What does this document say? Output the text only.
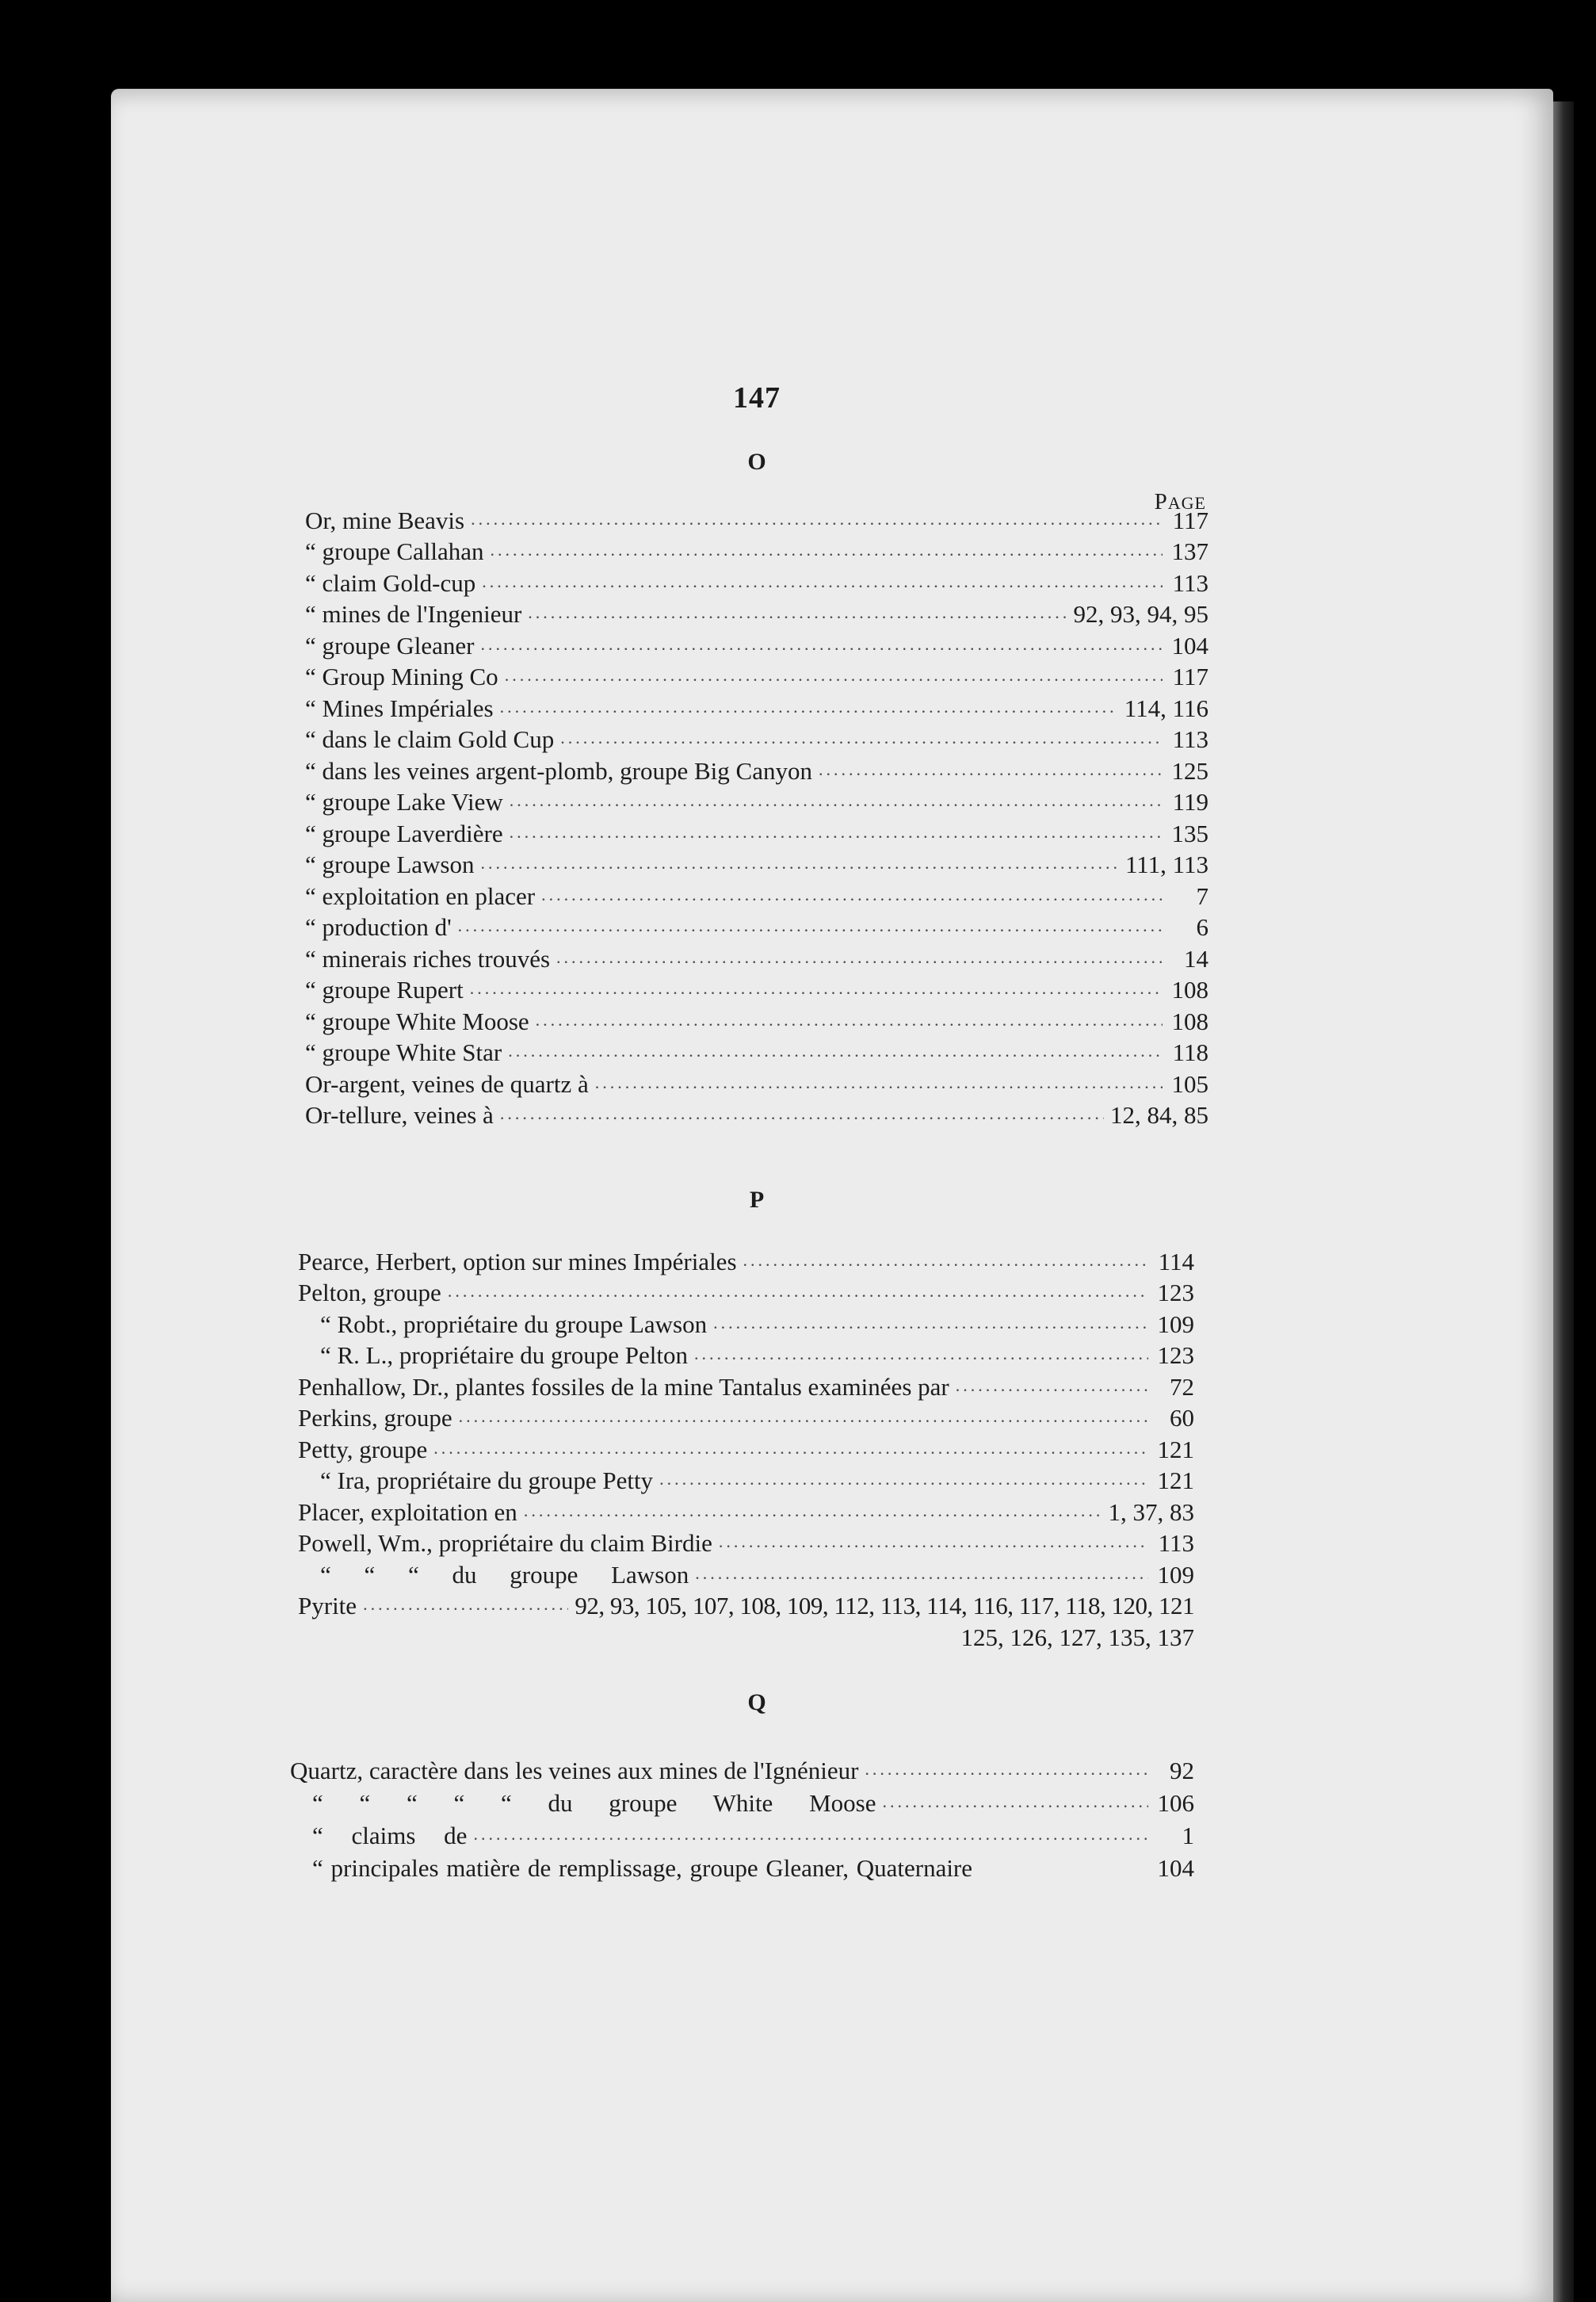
147
PAGE
O
Or, mine Beavis .....	117
“ groupe Callahan .....	137
“ claim Gold-cup .....	113
“ mines de l'Ingenieur .....	92, 93, 94, 95
“ groupe Gleaner .....	104
“ Group Mining Co .....	117
“ Mines Impériales .....	114, 116
“ dans le claim Gold Cup .....	113
“ dans les veines argent-plomb, groupe Big Canyon .....	125
“ groupe Lake View .....	119
“ groupe Laverdière .....	135
“ groupe Lawson .....	111, 113
“ exploitation en placer .....	7
“ production d' .....	6
“ minerais riches trouvés .....	14
“ groupe Rupert .....	108
“ groupe White Moose .....	108
“ groupe White Star .....	118
Or-argent, veines de quartz à .....	105
Or-tellure, veines à .....	12, 84, 85
P
Pearce, Herbert, option sur mines Impériales .....	114
Pelton, groupe .....	123
“ Robt., propriétaire du groupe Lawson .....	109
“ R. L., propriétaire du groupe Pelton .....	123
Penhallow, Dr., plantes fossiles de la mine Tantalus examinées par .....	72
Perkins, groupe .....	60
Petty, groupe .....	121
“ Ira, propriétaire du groupe Petty .....	121
Placer, exploitation en .....	1, 37, 83
Powell, Wm., propriétaire du claim Birdie .....	113
“ “ “ du groupe Lawson .....	109
Pyrite .....	92, 93, 105, 107, 108, 109, 112, 113, 114, 116, 117, 118, 120, 121
125, 126, 127, 135, 137
Q
Quartz, caractère dans les veines aux mines de l'Ignénieur .....	92
“ “ “ “ “ du groupe White Moose .....	106
“ claims de .....	1
“ principales matière de remplissage, groupe Gleaner, Quaternaire	104
